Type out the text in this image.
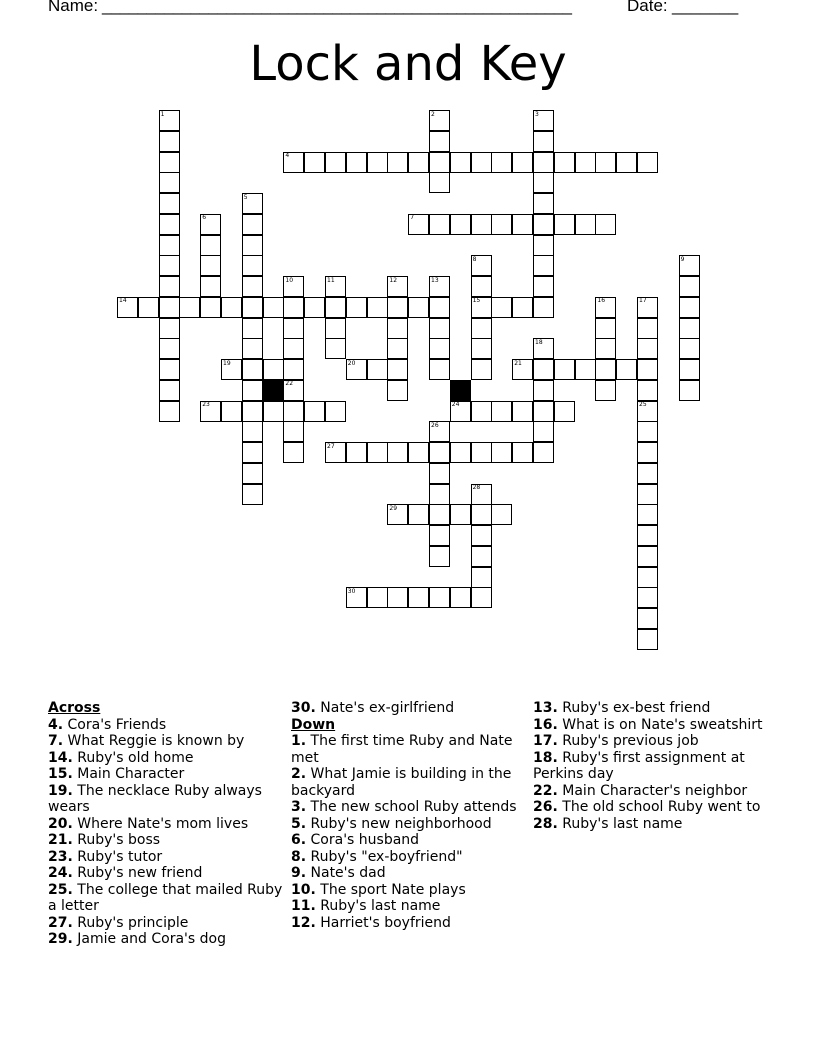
Name: _____________________________________________________	Date: _______
Lock and Key
1	2	3
4
5
6	7
8	9
10	11	12	13
14	15	16	17
18
19	20	21
22
23	24	25
26
27
28
29
30

Across

4. Cora's Friends

7. What Reggie is known by

14. Ruby's old home

15. Main Character

19. The necklace Ruby always wears

20. Where Nate's mom lives

21. Ruby's boss

23. Ruby's tutor

24. Ruby's new friend

25. The college that mailed Ruby a letter

27. Ruby's principle

29. Jamie and Cora's dog

30. Nate's ex-girlfriend

Down

1. The first time Ruby and Nate met

2. What Jamie is building in the backyard

3. The new school Ruby attends

5. Ruby's new neighborhood

6. Cora's husband

8. Ruby's "ex-boyfriend"

9. Nate's dad

10. The sport Nate plays

11. Ruby's last name

12. Harriet's boyfriend

13. Ruby's ex-best friend

16. What is on Nate's sweatshirt

17. Ruby's previous job

18. Ruby's first assignment at Perkins day

22. Main Character's neighbor

26. The old school Ruby went to

28. Ruby's last name
